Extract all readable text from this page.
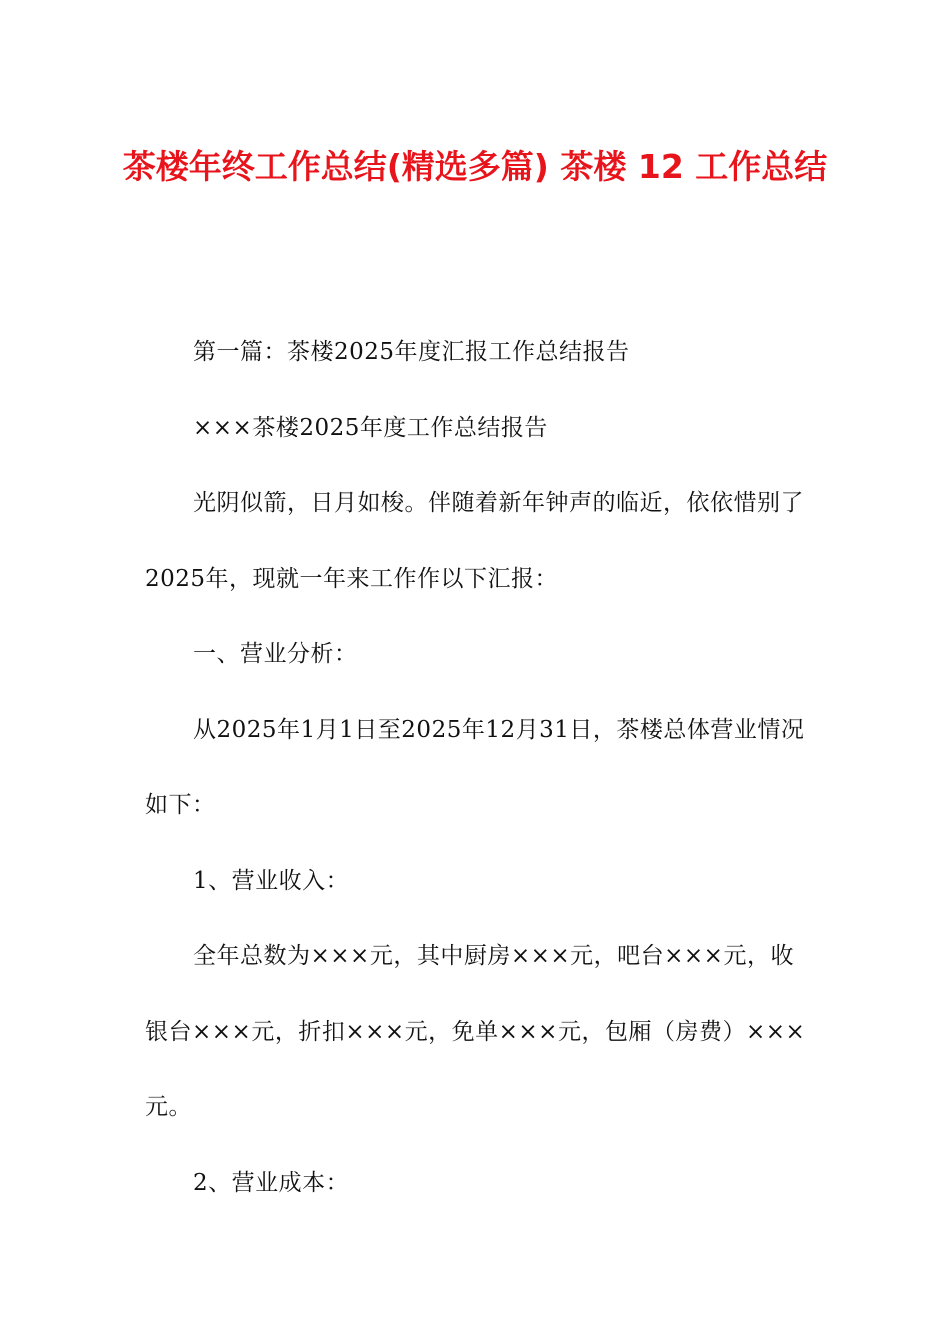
茶楼年终工作总结(精选多篇) 茶楼 12 工作总结

第一篇：茶楼2025年度汇报工作总结报告

×××茶楼2025年度工作总结报告

光阴似箭，日月如梭。伴随着新年钟声的临近，依依惜别了2025年，现就一年来工作作以下汇报：

一、营业分析：

从2025年1月1日至2025年12月31日，茶楼总体营业情况如下：

1、营业收入：

全年总数为×××元，其中厨房×××元，吧台×××元，收银台×××元，折扣×××元，免单×××元，包厢（房费）×××元。

2、营业成本：
